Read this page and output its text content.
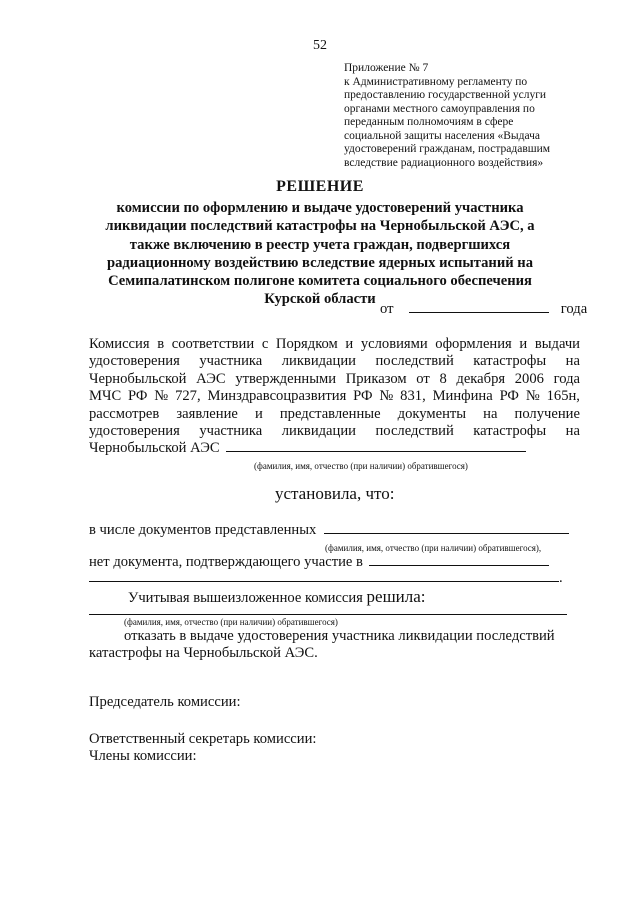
52
Приложение № 7
к Административному регламенту по
предоставлению государственной услуги
органами местного самоуправления по
переданным полномочиям в сфере
социальной защиты населения «Выдача
удостоверений гражданам, пострадавшим
вследствие радиационного воздействия»
РЕШЕНИЕ
комиссии по оформлению и выдаче удостоверений участника
ликвидации последствий катастрофы на Чернобыльской АЭС, а
также включению в реестр учета граждан, подвергшихся
радиационному воздействию вследствие ядерных испытаний на
Семипалатинском полигоне комитета социального обеспечения
Курской области
от	года
Комиссия в соответствии с Порядком и условиями оформления и выдачи
удостоверения участника ликвидации последствий катастрофы на
Чернобыльской АЭС утвержденными Приказом от 8 декабря 2006 года
МЧС РФ № 727, Минздравсоцразвития РФ № 831, Минфина РФ № 165н,
рассмотрев заявление и представленные документы на получение
удостоверения участника ликвидации последствий катастрофы на
Чернобыльской АЭС
(фамилия, имя, отчество (при наличии) обратившегося)
установила, что:
в числе документов представленных
(фамилия, имя, отчество (при наличии) обратившегося),
нет документа, подтверждающего участие в
.
Учитывая вышеизложенное комиссия решила:
(фамилия, имя, отчество (при наличии) обратившегося)
отказать в выдаче удостоверения участника ликвидации последствий
катастрофы на Чернобыльской АЭС.
Председатель комиссии:
Ответственный секретарь комиссии:
Члены комиссии:
